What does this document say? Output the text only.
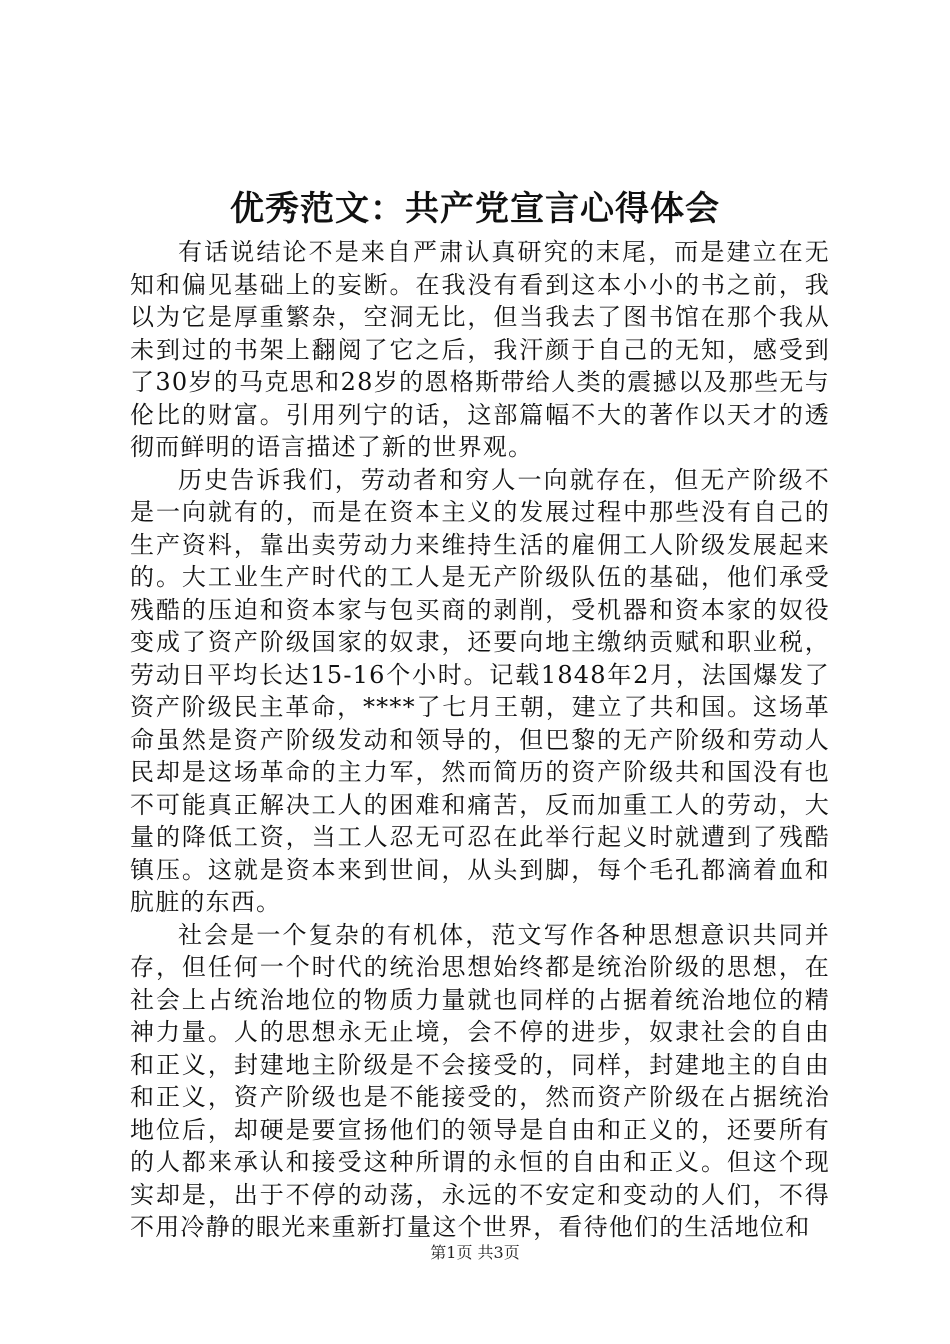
优秀范文：共产党宣言心得体会

有话说结论不是来自严肃认真研究的末尾，而是建立在无知和偏见基础上的妄断。在我没有看到这本小小的书之前，我以为它是厚重繁杂，空洞无比，但当我去了图书馆在那个我从未到过的书架上翻阅了它之后，我汗颜于自己的无知，感受到了30岁的马克思和28岁的恩格斯带给人类的震撼以及那些无与伦比的财富。引用列宁的话，这部篇幅不大的著作以天才的透彻而鲜明的语言描述了新的世界观。

历史告诉我们，劳动者和穷人一向就存在，但无产阶级不是一向就有的，而是在资本主义的发展过程中那些没有自己的生产资料，靠出卖劳动力来维持生活的雇佣工人阶级发展起来的。大工业生产时代的工人是无产阶级队伍的基础，他们承受残酷的压迫和资本家与包买商的剥削，受机器和资本家的奴役变成了资产阶级国家的奴隶，还要向地主缴纳贡赋和职业税，劳动日平均长达15-16个小时。记载1848年2月，法国爆发了资产阶级民主革命，****了七月王朝，建立了共和国。这场革命虽然是资产阶级发动和领导的，但巴黎的无产阶级和劳动人民却是这场革命的主力军，然而简历的资产阶级共和国没有也不可能真正解决工人的困难和痛苦，反而加重工人的劳动，大量的降低工资，当工人忍无可忍在此举行起义时就遭到了残酷镇压。这就是资本来到世间，从头到脚，每个毛孔都滴着血和肮脏的东西。

社会是一个复杂的有机体，范文写作各种思想意识共同并存，但任何一个时代的统治思想始终都是统治阶级的思想，在社会上占统治地位的物质力量就也同样的占据着统治地位的精神力量。人的思想永无止境，会不停的进步，奴隶社会的自由和正义，封建地主阶级是不会接受的，同样，封建地主的自由和正义，资产阶级也是不能接受的，然而资产阶级在占据统治地位后，却硬是要宣扬他们的领导是自由和正义的，还要所有的人都来承认和接受这种所谓的永恒的自由和正义。但这个现实却是，出于不停的动荡，永远的不安定和变动的人们，不得不用冷静的眼光来重新打量这个世界，看待他们的生活地位和

第1页 共3页
